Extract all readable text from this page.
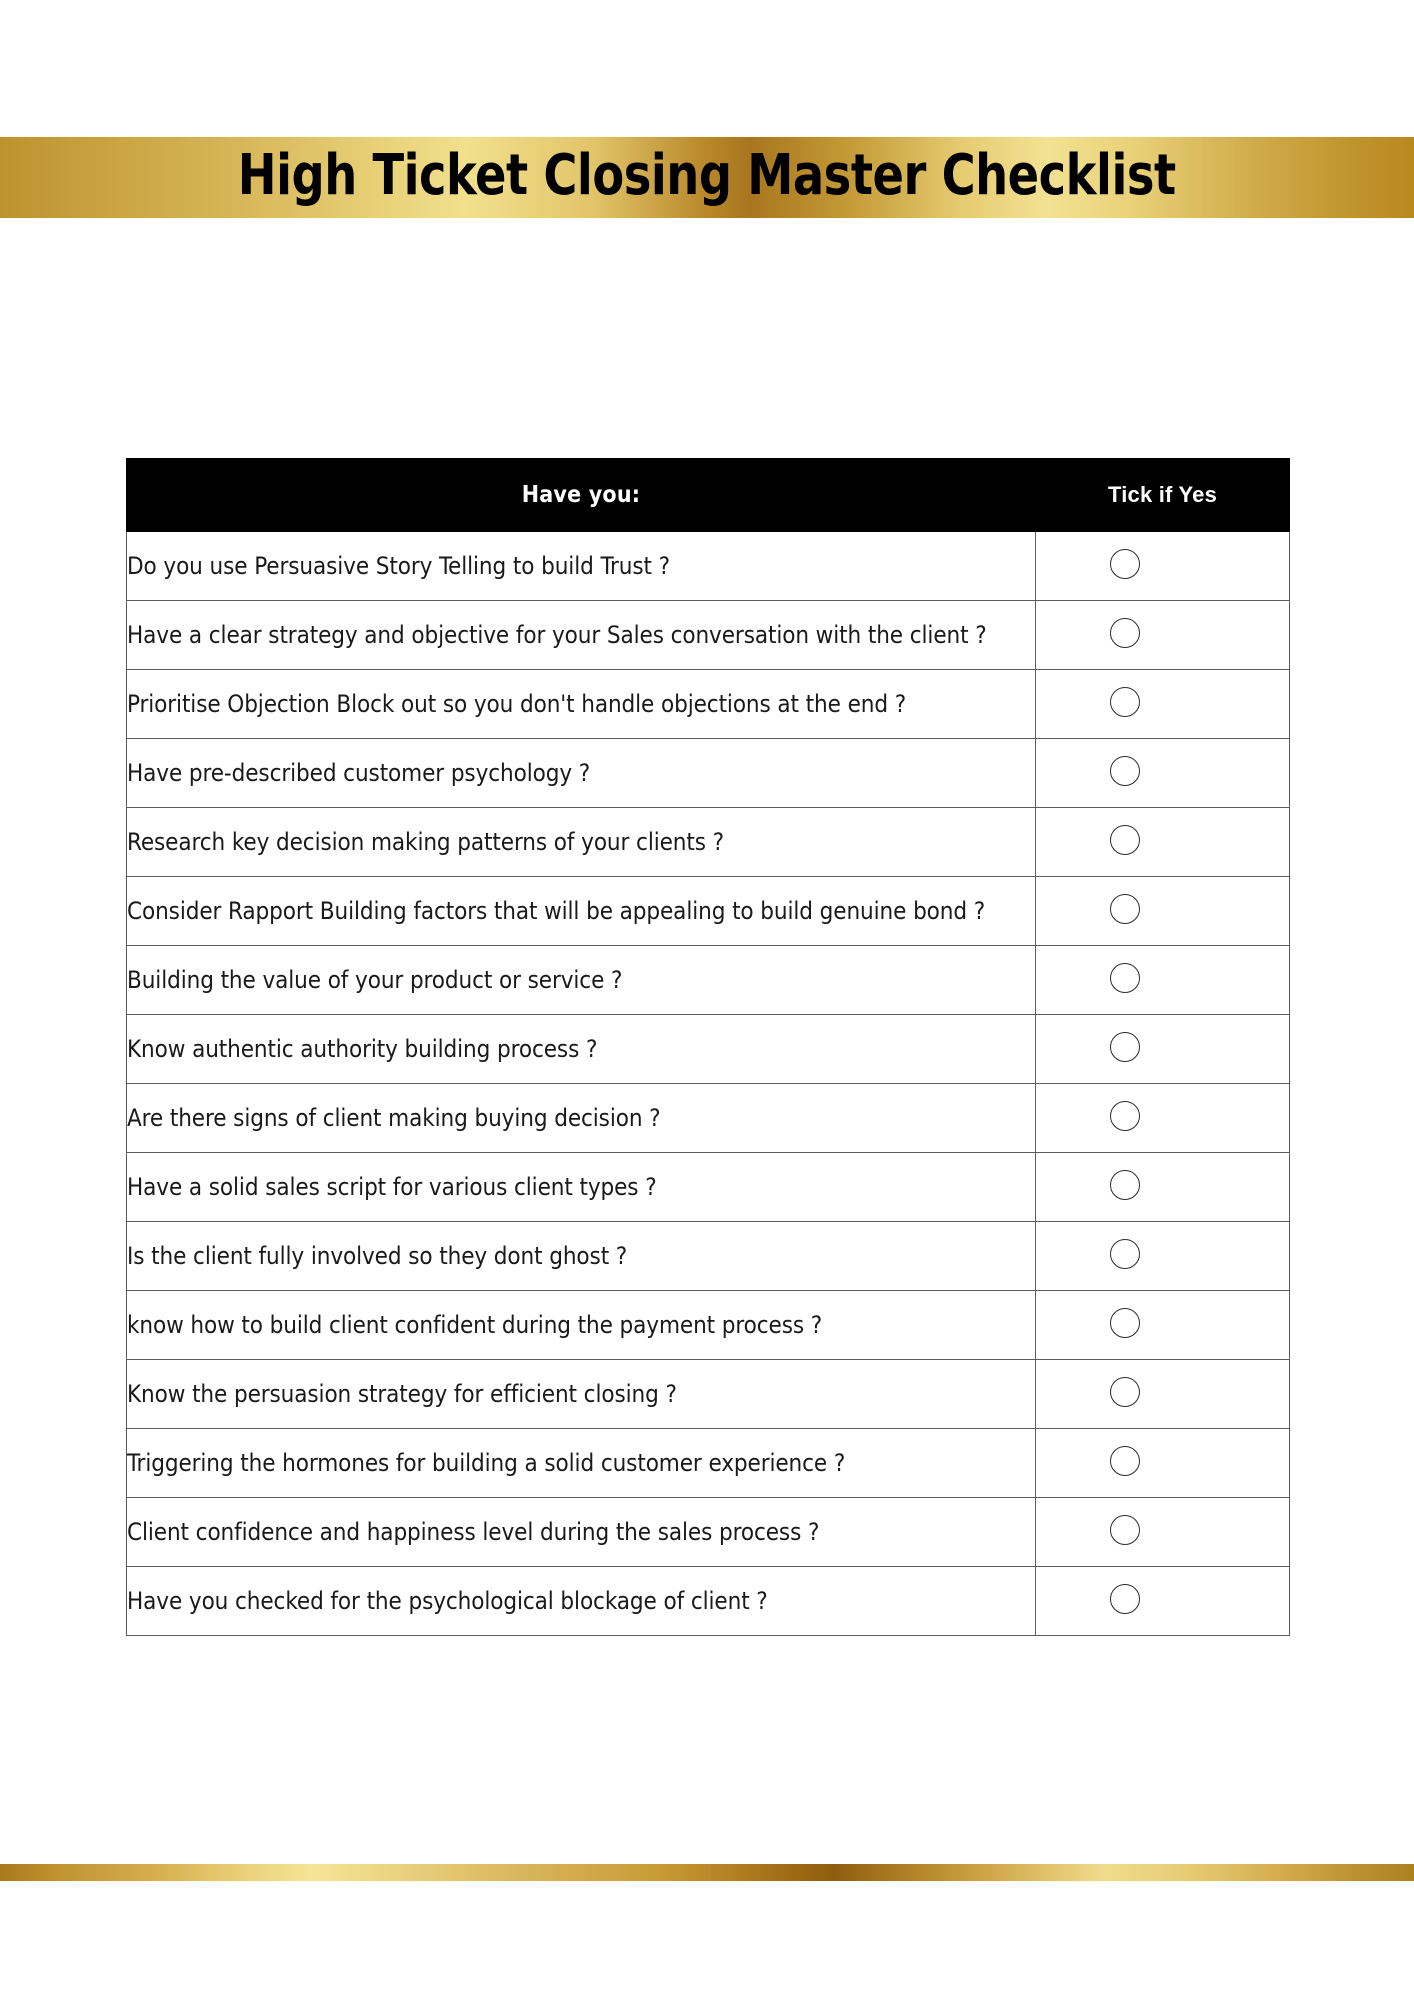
High Ticket Closing Master Checklist
Have you:	Tick if Yes
Do you use Persuasive Story Telling to build Trust ?	
Have a clear strategy and objective for your Sales conversation with the client ?	
Prioritise Objection Block out so you don't handle objections at the end ?	
Have pre-described customer psychology ?	
Research key decision making patterns of your clients ?	
Consider Rapport Building factors that will be appealing to build genuine bond ?	
Building the value of your product or service ?	
Know authentic authority building process ?	
Are there signs of client making buying decision ?	
Have a solid sales script for various client types ?	
Is the client fully involved so they dont ghost ?	
know how to build client confident during the payment process ?	
Know the persuasion strategy for efficient closing ?	
Triggering the hormones for building a solid customer experience ?	
Client confidence and happiness level during the sales process ?	
Have you checked for the psychological blockage of client ?	
